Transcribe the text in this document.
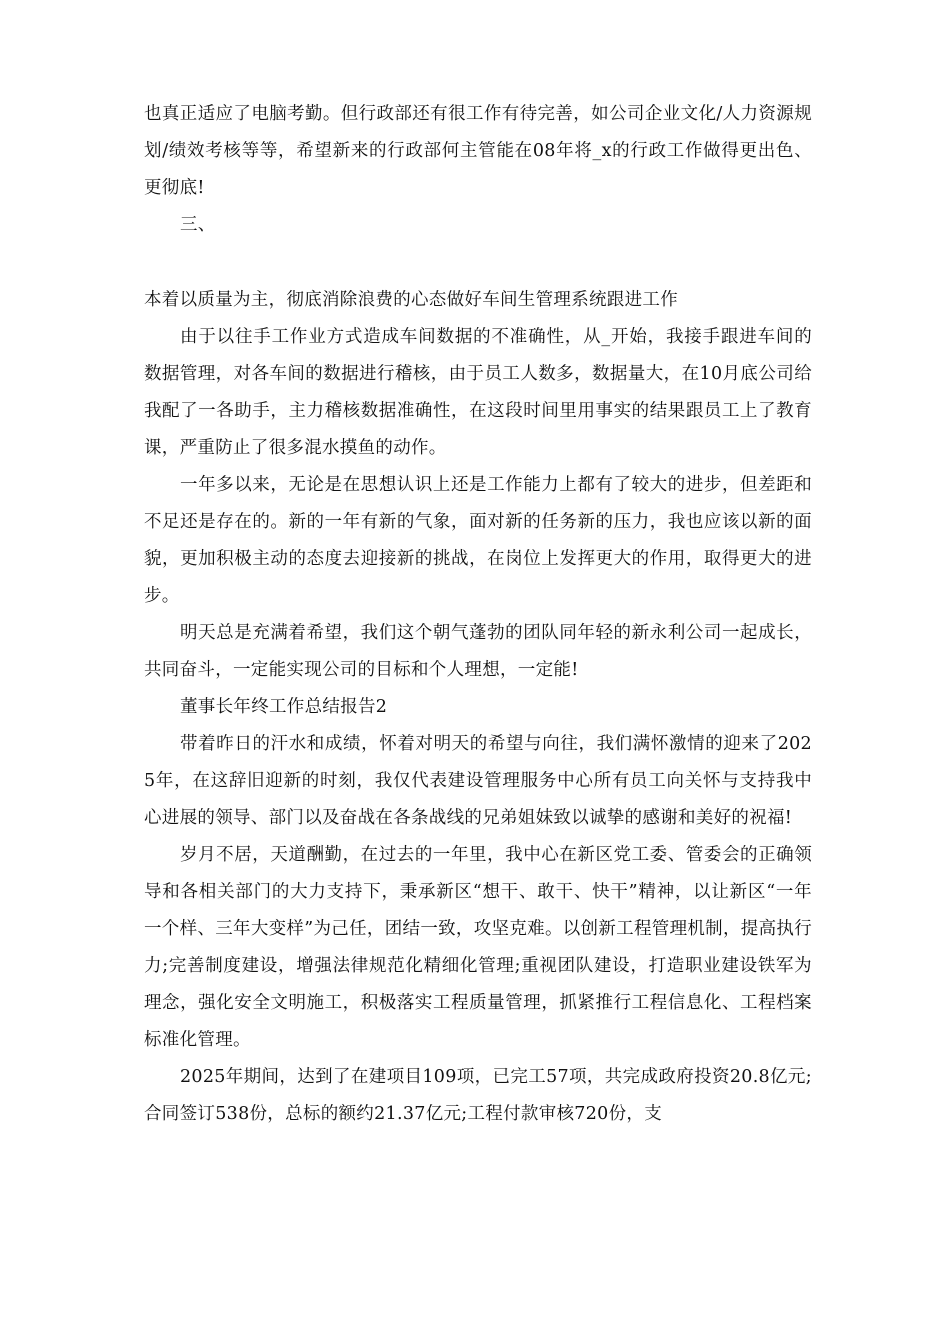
也真正适应了电脑考勤。但行政部还有很工作有待完善，如公司企业文化/人力资源规划/绩效考核等等，希望新来的行政部何主管能在08年将_x的行政工作做得更出色、更彻底!

三、

本着以质量为主，彻底消除浪费的心态做好车间生管理系统跟进工作

由于以往手工作业方式造成车间数据的不准确性，从_开始，我接手跟进车间的数据管理，对各车间的数据进行稽核，由于员工人数多，数据量大，在10月底公司给我配了一各助手，主力稽核数据准确性，在这段时间里用事实的结果跟员工上了教育课，严重防止了很多混水摸鱼的动作。

一年多以来，无论是在思想认识上还是工作能力上都有了较大的进步，但差距和不足还是存在的。新的一年有新的气象，面对新的任务新的压力，我也应该以新的面貌，更加积极主动的态度去迎接新的挑战，在岗位上发挥更大的作用，取得更大的进步。

明天总是充满着希望，我们这个朝气蓬勃的团队同年轻的新永利公司一起成长，共同奋斗，一定能实现公司的目标和个人理想，一定能!

董事长年终工作总结报告2

带着昨日的汗水和成绩，怀着对明天的希望与向往，我们满怀激情的迎来了2025年，在这辞旧迎新的时刻，我仅代表建设管理服务中心所有员工向关怀与支持我中心进展的领导、部门以及奋战在各条战线的兄弟姐妹致以诚挚的感谢和美好的祝福!

岁月不居，天道酬勤，在过去的一年里，我中心在新区党工委、管委会的正确领导和各相关部门的大力支持下，秉承新区“想干、敢干、快干”精神，以让新区“一年一个样、三年大变样”为己任，团结一致，攻坚克难。以创新工程管理机制，提高执行力;完善制度建设，增强法律规范化精细化管理;重视团队建设，打造职业建设铁军为理念，强化安全文明施工，积极落实工程质量管理，抓紧推行工程信息化、工程档案标准化管理。

2025年期间，达到了在建项目109项，已完工57项，共完成政府投资20.8亿元;合同签订538份，总标的额约21.37亿元;工程付款审核720份，支
